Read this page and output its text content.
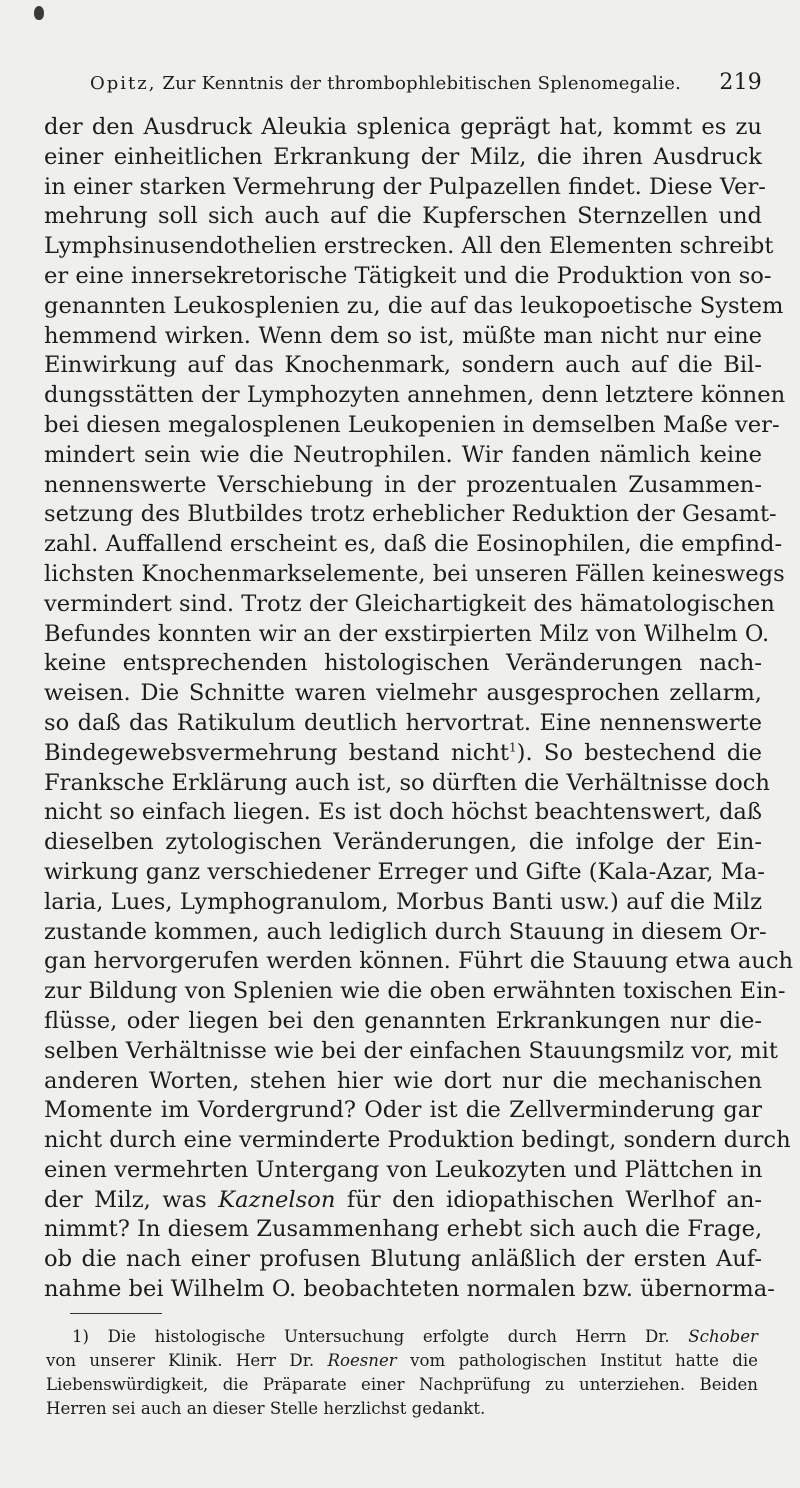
Opitz, Zur Kenntnis der thrombophlebitischen Splenomegalie. 219
der den Ausdruck Aleukia splenica geprägt hat, kommt es zu
einer einheitlichen Erkrankung der Milz, die ihren Ausdruck
in einer starken Vermehrung der Pulpazellen findet. Diese Ver-
mehrung soll sich auch auf die Kupferschen Sternzellen und
Lymphsinusendothelien erstrecken. All den Elementen schreibt
er eine innersekretorische Tätigkeit und die Produktion von so-
genannten Leukosplenien zu, die auf das leukopoetische System
hemmend wirken. Wenn dem so ist, müßte man nicht nur eine
Einwirkung auf das Knochenmark, sondern auch auf die Bil-
dungsstätten der Lymphozyten annehmen, denn letztere können
bei diesen megalosplenen Leukopenien in demselben Maße ver-
mindert sein wie die Neutrophilen. Wir fanden nämlich keine
nennenswerte Verschiebung in der prozentualen Zusammen-
setzung des Blutbildes trotz erheblicher Reduktion der Gesamt-
zahl. Auffallend erscheint es, daß die Eosinophilen, die empfind-
lichsten Knochenmarkselemente, bei unseren Fällen keineswegs
vermindert sind. Trotz der Gleichartigkeit des hämatologischen
Befundes konnten wir an der exstirpierten Milz von Wilhelm O.
keine entsprechenden histologischen Veränderungen nach-
weisen. Die Schnitte waren vielmehr ausgesprochen zellarm,
so daß das Ratikulum deutlich hervortrat. Eine nennenswerte
Bindegewebsvermehrung bestand nicht$^1$). So bestechend die
Franksche Erklärung auch ist, so dürften die Verhältnisse doch
nicht so einfach liegen. Es ist doch höchst beachtenswert, daß
dieselben zytologischen Veränderungen, die infolge der Ein-
wirkung ganz verschiedener Erreger und Gifte (Kala-Azar, Ma-
laria, Lues, Lymphogranulom, Morbus Banti usw.) auf die Milz
zustande kommen, auch lediglich durch Stauung in diesem Or-
gan hervorgerufen werden können. Führt die Stauung etwa auch
zur Bildung von Splenien wie die oben erwähnten toxischen Ein-
flüsse, oder liegen bei den genannten Erkrankungen nur die-
selben Verhältnisse wie bei der einfachen Stauungsmilz vor, mit
anderen Worten, stehen hier wie dort nur die mechanischen
Momente im Vordergrund? Oder ist die Zellverminderung gar
nicht durch eine verminderte Produktion bedingt, sondern durch
einen vermehrten Untergang von Leukozyten und Plättchen in
der Milz, was Kaznelson für den idiopathischen Werlhof an-
nimmt? In diesem Zusammenhang erhebt sich auch die Frage,
ob die nach einer profusen Blutung anläßlich der ersten Auf-
nahme bei Wilhelm O. beobachteten normalen bzw. übernorma-
1) Die histologische Untersuchung erfolgte durch Herrn Dr. Schober
von unserer Klinik. Herr Dr. Roesner vom pathologischen Institut hatte die
Liebenswürdigkeit, die Präparate einer Nachprüfung zu unterziehen. Beiden
Herren sei auch an dieser Stelle herzlichst gedankt.
